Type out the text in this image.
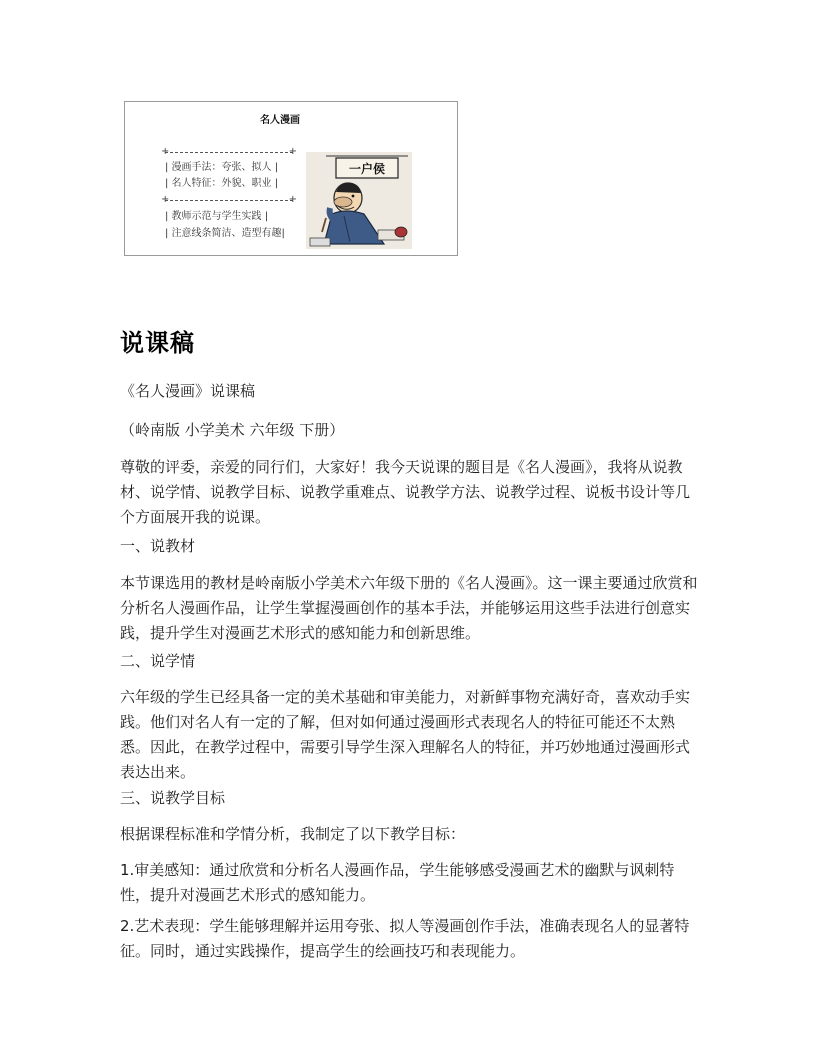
名人漫画
+ +
| 漫画手法：夸张、拟人 |
| 名人特征：外貌、职业 |
+ +
| 教师示范与学生实践 |
| 注意线条简洁、造型有趣|
一户侯
说课稿
《名人漫画》说课稿
（岭南版 小学美术 六年级 下册）
尊敬的评委，亲爱的同行们，大家好！我今天说课的题目是《名人漫画》，我将从说教材、说学情、说教学目标、说教学重难点、说教学方法、说教学过程、说板书设计等几个方面展开我的说课。
一、说教材
本节课选用的教材是岭南版小学美术六年级下册的《名人漫画》。这一课主要通过欣赏和分析名人漫画作品，让学生掌握漫画创作的基本手法，并能够运用这些手法进行创意实践，提升学生对漫画艺术形式的感知能力和创新思维。
二、说学情
六年级的学生已经具备一定的美术基础和审美能力，对新鲜事物充满好奇，喜欢动手实践。他们对名人有一定的了解，但对如何通过漫画形式表现名人的特征可能还不太熟悉。因此，在教学过程中，需要引导学生深入理解名人的特征，并巧妙地通过漫画形式表达出来。
三、说教学目标
根据课程标准和学情分析，我制定了以下教学目标：
1.审美感知：通过欣赏和分析名人漫画作品，学生能够感受漫画艺术的幽默与讽刺特性，提升对漫画艺术形式的感知能力。
2.艺术表现：学生能够理解并运用夸张、拟人等漫画创作手法，准确表现名人的显著特征。同时，通过实践操作，提高学生的绘画技巧和表现能力。
